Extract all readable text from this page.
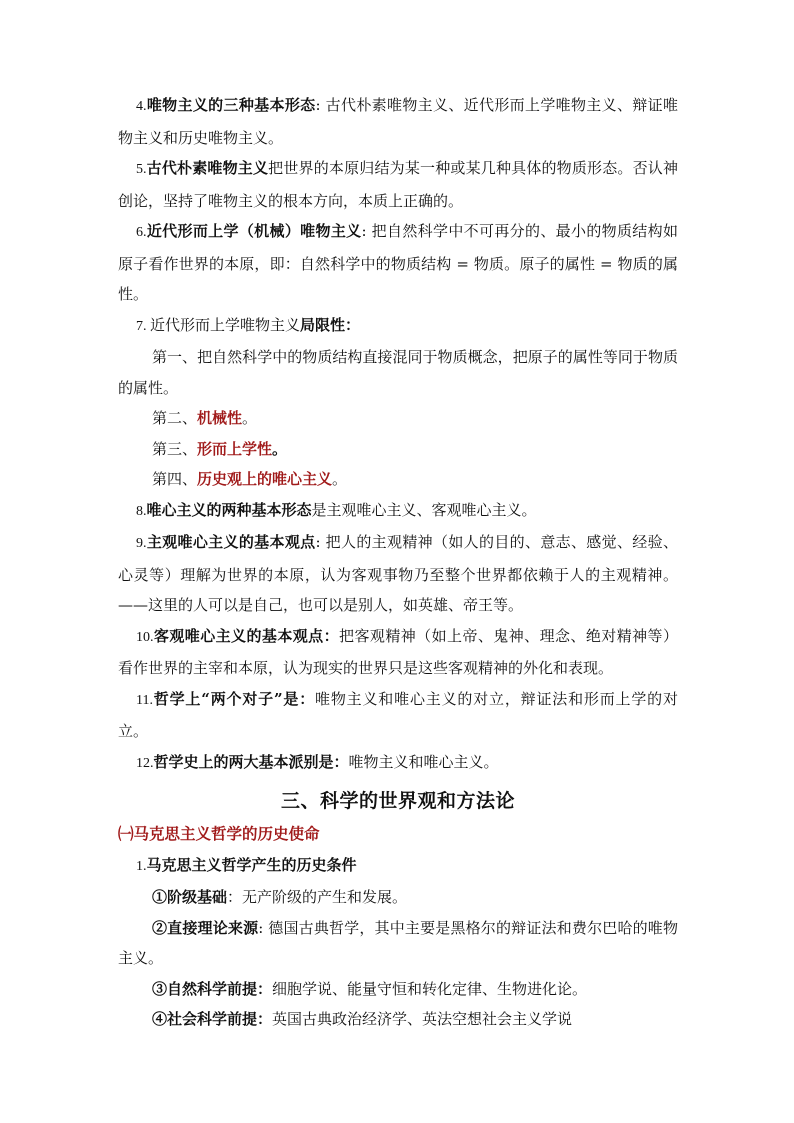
4.唯物主义的三种基本形态: 古代朴素唯物主义、近代形而上学唯物主义、辩证唯物主义和历史唯物主义。

5.古代朴素唯物主义把世界的本原归结为某一种或某几种具体的物质形态。否认神创论，坚持了唯物主义的根本方向，本质上正确的。

6.近代形而上学（机械）唯物主义: 把自然科学中不可再分的、最小的物质结构如原子看作世界的本原，即：自然科学中的物质结构 = 物质。原子的属性 = 物质的属性。

7. 近代形而上学唯物主义局限性：

第一、把自然科学中的物质结构直接混同于物质概念，把原子的属性等同于物质的属性。

第二、机械性。

第三、形而上学性。

第四、历史观上的唯心主义。

8.唯心主义的两种基本形态是主观唯心主义、客观唯心主义。

9.主观唯心主义的基本观点: 把人的主观精神（如人的目的、意志、感觉、经验、心灵等）理解为世界的本原，认为客观事物乃至整个世界都依赖于人的主观精神。——这里的人可以是自己，也可以是别人，如英雄、帝王等。

10.客观唯心主义的基本观点：把客观精神（如上帝、鬼神、理念、绝对精神等）看作世界的主宰和本原，认为现实的世界只是这些客观精神的外化和表现。

11.哲学上“两个对子”是：唯物主义和唯心主义的对立，辩证法和形而上学的对立。

12.哲学史上的两大基本派别是：唯物主义和唯心主义。

三、科学的世界观和方法论
㈠马克思主义哲学的历史使命

1.马克思主义哲学产生的历史条件

①阶级基础：无产阶级的产生和发展。

②直接理论来源: 德国古典哲学，其中主要是黑格尔的辩证法和费尔巴哈的唯物主义。

③自然科学前提：细胞学说、能量守恒和转化定律、生物进化论。

④社会科学前提：英国古典政治经济学、英法空想社会主义学说
